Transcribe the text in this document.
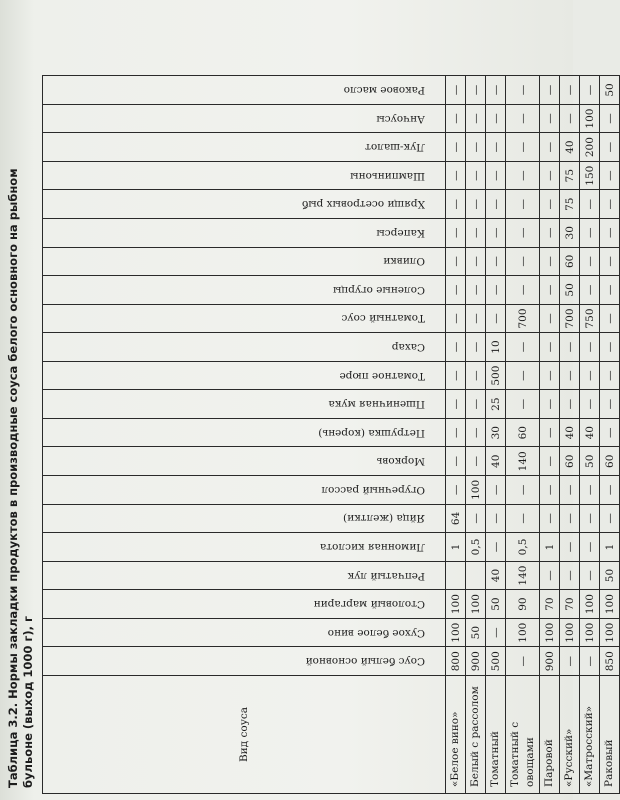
Таблица 3.2.Нормы закладки продуктов в производные соуса белого основного на рыбном бульоне (выход 1000 г), г	Вид соуса	Соус белый основной	Сухое белое вино	Столовый маргарин	Репчатый лук	Лимонная кислота	Яйца (желтки)	Огуречный рассол	Морковь	Петрушка (корень)	Пшеничная мука	Томатное пюре	Сахар	Томатный соус	Соленые огурцы	Оливки	Каперсы	Хрящи осетровых рыб	Шампиньоны	Лук-шалот	Анчоусы	Раковое масло

«Белое вино»	800	100	100		1	64	—	—	—	—	—	—	—	—	—	—	—	—	—	—	—
Белый с рассолом	900	50	100		0,5	—	100	—	—	—	—	—	—	—	—	—	—	—	—	—	—
Томатный	500	—	50	40	—	—	—	40	30	25	500	10	—	—	—	—	—	—	—	—	—
Томатный с овощами	—	100	90	140	0,5	—	—	140	60	—	—	—	700	—	—	—	—	—	—	—	—
Паровой	900	100	70	—	1	—	—	—	—	—	—	—	—	—	—	—	—	—	—	—	—
«Русский»	—	100	70	—	—	—	—	60	40	—	—	—	700	50	60	30	75	75	40	—	—
«Матросский»	—	100	100	—	—	—	—	50	40	—	—	—	750	—	—	—	—	150	200	100	—
Раковый	850	100	100	50	1	—	—	60	—	—	—	—	—	—	—	—	—	—	—	—	50
